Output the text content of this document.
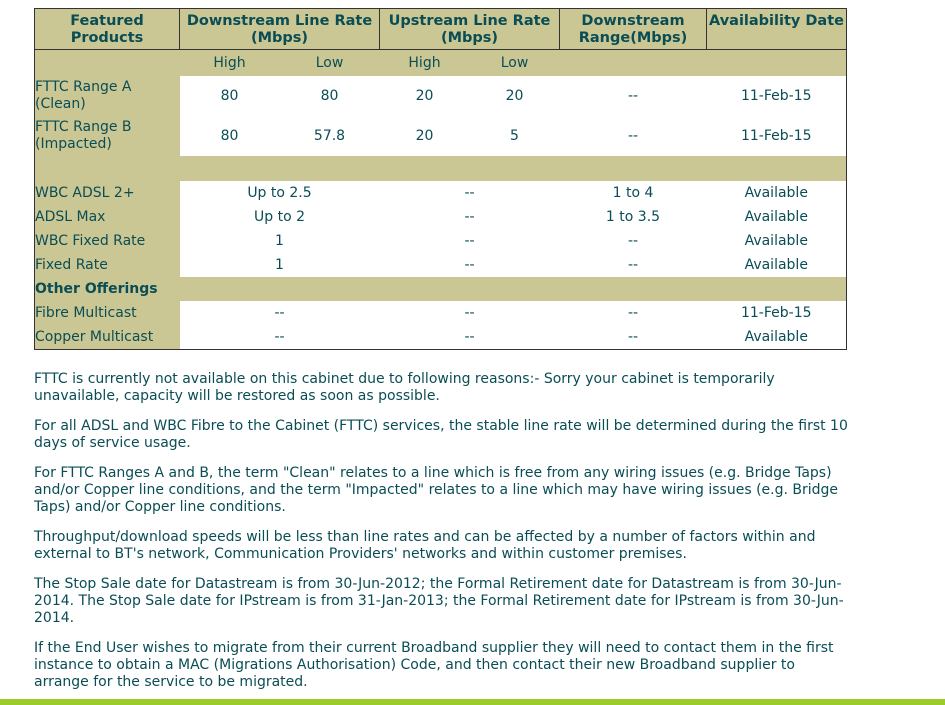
Featured Products	Downstream Line Rate (Mbps)		Upstream Line Rate (Mbps)		Downstream Range(Mbps)	Availability Date

	High	Low	High	Low		
FTTC Range A (Clean)	80	80	20	20	--	11-Feb-15
FTTC Range B (Impacted)	80	57.8	20	5	--	11-Feb-15

WBC ADSL 2+	Up to 2.5		--		1 to 4	Available
ADSL Max	Up to 2		--		1 to 3.5	Available
WBC Fixed Rate	1		--		--	Available
Fixed Rate	1		--		--	Available
Other Offerings						
Fibre Multicast	--		--		--	11-Feb-15
Copper Multicast	--		--		--	Available

FTTC is currently not available on this cabinet due to following reasons:- Sorry your cabinet is temporarily unavailable, capacity will be restored as soon as possible.

For all ADSL and WBC Fibre to the Cabinet (FTTC) services, the stable line rate will be determined during the first 10 days of service usage.

For FTTC Ranges A and B, the term "Clean" relates to a line which is free from any wiring issues (e.g. Bridge Taps) and/or Copper line conditions, and the term "Impacted" relates to a line which may have wiring issues (e.g. Bridge Taps) and/or Copper line conditions.

Throughput/download speeds will be less than line rates and can be affected by a number of factors within and external to BT's network, Communication Providers' networks and within customer premises.

The Stop Sale date for Datastream is from 30-Jun-2012; the Formal Retirement date for Datastream is from 30-Jun-2014. The Stop Sale date for IPstream is from 31-Jan-2013; the Formal Retirement date for IPstream is from 30-Jun-2014.

If the End User wishes to migrate from their current Broadband supplier they will need to contact them in the first instance to obtain a MAC (Migrations Authorisation) Code, and then contact their new Broadband supplier to arrange for the service to be migrated.
